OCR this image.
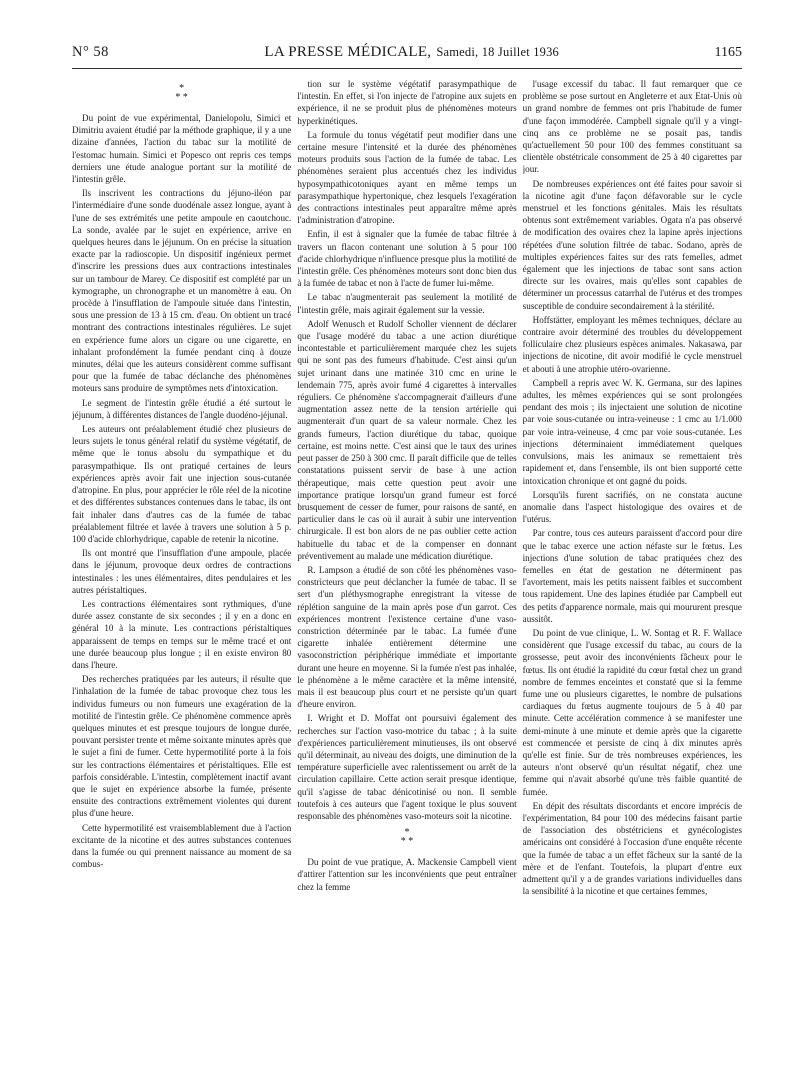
N° 58	LA PRESSE MÉDICALE, Samedi, 18 Juillet 1936	1165
*
* *

Du point de vue expérimental, Danielopolu, Simici et Dimitriu avaient étudié par la méthode graphique, il y a une dizaine d'années, l'action du tabac sur la motilité de l'estomac humain. Simici et Popesco ont repris ces temps derniers une étude analogue portant sur la motilité de l'intestin grêle.

Ils inscrivent les contractions du jéjuno-iléon par l'intermédiaire d'une sonde duodénale assez longue, ayant à l'une de ses extrémités une petite ampoule en caoutchouc. La sonde, avalée par le sujet en expérience, arrive en quelques heures dans le jéjunum. On en précise la situation exacte par la radioscopie. Un dispositif ingénieux permet d'inscrire les pressions dues aux contractions intestinales sur un tambour de Marey. Ce dispositif est complété par un kymographe, un chronographe et un manomètre à eau. On procède à l'insufflation de l'ampoule située dans l'intestin, sous une pression de 13 à 15 cm. d'eau. On obtient un tracé montrant des contractions intestinales régulières. Le sujet en expérience fume alors un cigare ou une cigarette, en inhalant profondément la fumée pendant cinq à douze minutes, délai que les auteurs considèrent comme suffisant pour que la fumée de tabac déclanche des phénomènes moteurs sans produire de symptômes nets d'intoxication.

Le segment de l'intestin grêle étudié a été surtout le jéjunum, à différentes distances de l'angle duodéno-jéjunal.

Les auteurs ont préalablement étudié chez plusieurs de leurs sujets le tonus général relatif du système végétatif, de même que le tonus absolu du sympathique et du parasympathique. Ils ont pratiqué certaines de leurs expériences après avoir fait une injection sous-cutanée d'atropine. En plus, pour apprécier le rôle réel de la nicotine et des différentes substances contenues dans le tabac, ils ont fait inhaler dans d'autres cas de la fumée de tabac préalablement filtrée et lavée à travers une solution à 5 p. 100 d'acide chlorhydrique, capable de retenir la nicotine.

Ils ont montré que l'insufflation d'une ampoule, placée dans le jéjunum, provoque deux ordres de contractions intestinales : les unes élémentaires, dites pendulaires et les autres péristaltiques.

Les contractions élémentaires sont rythmiques, d'une durée assez constante de six secondes ; il y en a donc en général 10 à la minute. Les contractions péristaltiques apparaissent de temps en temps sur le même tracé et ont une durée beaucoup plus longue ; il en existe environ 80 dans l'heure.

Des recherches pratiquées par les auteurs, il résulte que l'inhalation de la fumée de tabac provoque chez tous les individus fumeurs ou non fumeurs une exagération de la motilité de l'intestin grêle. Ce phénomène commence après quelques minutes et est presque toujours de longue durée, pouvant persister trente et même soixante minutes après que le sujet a fini de fumer. Cette hypermotilité porte à la fois sur les contractions élémentaires et péristaltiques. Elle est parfois considérable. L'intestin, complètement inactif avant que le sujet en expérience absorbe la fumée, présente ensuite des contractions extrêmement violentes qui durent plus d'une heure.

Cette hypermotilité est vraisemblablement due à l'action excitante de la nicotine et des autres substances contenues dans la fumée ou qui prennent naissance au moment de sa combus-

tion sur le système végétatif parasympathique de l'intestin. En effet, si l'on injecte de l'atropine aux sujets en expérience, il ne se produit plus de phénomènes moteurs hyperkinétiques.

La formule du tonus végétatif peut modifier dans une certaine mesure l'intensité et la durée des phénomènes moteurs produits sous l'action de la fumée de tabac. Les phénomènes seraient plus accentués chez les individus hyposympathicotoniques ayant en même temps un parasympathique hypertonique, chez lesquels l'exagération des contractions intestinales peut apparaître même après l'administration d'atropine.

Enfin, il est à signaler que la fumée de tabac filtrée à travers un flacon contenant une solution à 5 pour 100 d'acide chlorhydrique n'influence presque plus la motilité de l'intestin grêle. Ces phénomènes moteurs sont donc bien dus à la fumée de tabac et non à l'acte de fumer lui-même.

Le tabac n'augmenterait pas seulement la motilité de l'intestin grêle, mais agirait également sur la vessie.

Adolf Wenusch et Rudolf Scholler viennent de déclarer que l'usage modéré du tabac a une action diurétique incontestable et particulièrement marquée chez les sujets qui ne sont pas des fumeurs d'habitude. C'est ainsi qu'un sujet urinant dans une matinée 310 cmc en urine le lendemain 775, après avoir fumé 4 cigarettes à intervalles réguliers. Ce phénomène s'accompagnerait d'ailleurs d'une augmentation assez nette de la tension artérielle qui augmenterait d'un quart de sa valeur normale. Chez les grands fumeurs, l'action diurétique du tabac, quoique certaine, est moins nette. C'est ainsi que le taux des urines peut passer de 250 à 300 cmc. Il paraît difficile que de telles constatations puissent servir de base à une action thérapeutique, mais cette question peut avoir une importance pratique lorsqu'un grand fumeur est forcé brusquement de cesser de fumer, pour raisons de santé, en particulier dans le cas où il aurait à subir une intervention chirurgicale. Il est bon alors de ne pas oublier cette action habituelle du tabac et de la compenser en donnant préventivement au malade une médication diurétique.

R. Lampson a étudié de son côté les phénomènes vaso-constricteurs que peut déclancher la fumée de tabac. Il se sert d'un pléthysmographe enregistrant la vitesse de réplétion sanguine de la main après pose d'un garrot. Ces expériences montrent l'existence certaine d'une vaso-constriction déterminée par le tabac. La fumée d'une cigarette inhalée entièrement détermine une vasoconstriction périphérique immédiate et importante durant une heure en moyenne. Si la fumée n'est pas inhalée, le phénomène a le même caractère et la même intensité, mais il est beaucoup plus court et ne persiste qu'un quart d'heure environ.

I. Wright et D. Moffat ont poursuivi également des recherches sur l'action vaso-motrice du tabac ; à la suite d'expériences particulièrement minutieuses, ils ont observé qu'il déterminait, au niveau des doigts, une diminution de la température superficielle avec ralentissement ou arrêt de la circulation capillaire. Cette action serait presque identique, qu'il s'agisse de tabac dénicotinisé ou non. Il semble toutefois à ces auteurs que l'agent toxique le plus souvent responsable des phénomènes vaso-moteurs soit la nicotine.

*
* *

Du point de vue pratique, A. Mackensie Campbell vient d'attirer l'attention sur les inconvénients que peut entraîner chez la femme

l'usage excessif du tabac. Il faut remarquer que ce problème se pose surtout en Angleterre et aux Etat-Unis où un grand nombre de femmes ont pris l'habitude de fumer d'une façon immodérée. Campbell signale qu'il y a vingt-cinq ans ce problème ne se posait pas, tandis qu'actuellement 50 pour 100 des femmes constituant sa clientèle obstétricale consomment de 25 à 40 cigarettes par jour.

De nombreuses expériences ont été faites pour savoir si la nicotine agit d'une façon défavorable sur le cycle menstruel et les fonctions génitales. Mais les résultats obtenus sont extrêmement variables. Ogata n'a pas observé de modification des ovaires chez la lapine après injections répétées d'une solution filtrée de tabac. Sodano, après de multiples expériences faites sur des rats femelles, admet également que les injections de tabac sont sans action directe sur les ovaires, mais qu'elles sont capables de déterminer un processus catarrhal de l'utérus et des trompes susceptible de conduire secondairement à la stérilité.

Hoffstätter, employant les mêmes techniques, déclare au contraire avoir déterminé des troubles du développement folliculaire chez plusieurs espèces animales. Nakasawa, par injections de nicotine, dit avoir modifié le cycle menstruel et abouti à une atrophie utéro-ovarienne.

Campbell a repris avec W. K. Germana, sur des lapines adultes, les mêmes expériences qui se sont prolongées pendant des mois ; ils injectaient une solution de nicotine par voie sous-cutanée ou intra-veineuse : 1 cmc au 1/1.000 par voie intra-veineuse, 4 cmc par voie sous-cutanée. Les injections déterminaient immédiatement quelques convulsions, mais les animaux se remettaient très rapidement et, dans l'ensemble, ils ont bien supporté cette intoxication chronique et ont gagné du poids.

Lorsqu'ils furent sacrifiés, on ne constata aucune anomalie dans l'aspect histologique des ovaires et de l'utérus.

Par contre, tous ces auteurs paraissent d'accord pour dire que le tabac exerce une action néfaste sur le fœtus. Les injections d'une solution de tabac pratiquées chez des femelles en état de gestation ne déterminent pas l'avortement, mais les petits naissent faibles et succombent tous rapidement. Une des lapines étudiée par Campbell eut des petits d'apparence normale, mais qui moururent presque aussitôt.

Du point de vue clinique, L. W. Sontag et R. F. Wallace considèrent que l'usage excessif du tabac, au cours de la grossesse, peut avoir des inconvénients fâcheux pour le fœtus. Ils ont étudié la rapidité du cœur fœtal chez un grand nombre de femmes enceintes et constaté que si la femme fume une ou plusieurs cigarettes, le nombre de pulsations cardiaques du fœtus augmente toujours de 5 à 40 par minute. Cette accélération commence à se manifester une demi-minute à une minute et demie après que la cigarette est commencée et persiste de cinq à dix minutes après qu'elle est finie. Sur de très nombreuses expériences, les auteurs n'ont observé qu'un résultat négatif, chez une femme qui n'avait absorbé qu'une très faible quantité de fumée.

En dépit des résultats discordants et encore imprécis de l'expérimentation, 84 pour 100 des médecins faisant partie de l'association des obstétriciens et gynécologistes américains ont considéré à l'occasion d'une enquête récente que la fumée de tabac a un effet fâcheux sur la santé de la mère et de l'enfant. Toutefois, la plupart d'entre eux admettent qu'il y a de grandes variations individuelles dans la sensibilité à la nicotine et que certaines femmes,
